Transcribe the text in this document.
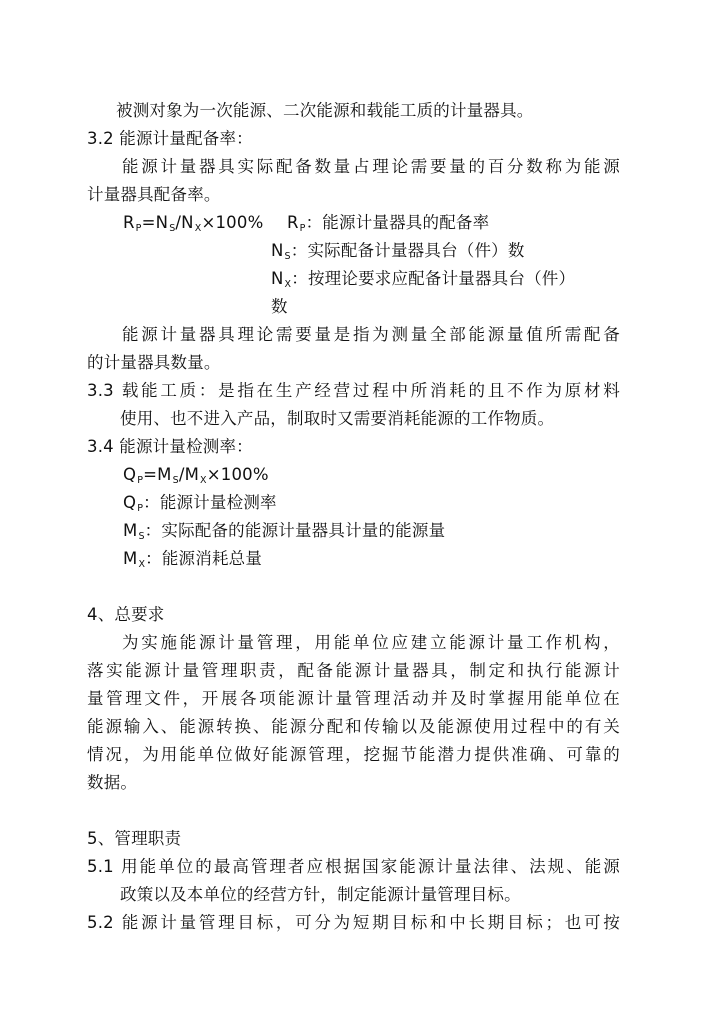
被测对象为一次能源、二次能源和载能工质的计量器具。
3.2 能源计量配备率：
能源计量器具实际配备数量占理论需要量的百分数称为能源
计量器具配备率。
RP=NS/NX×100% RP：能源计量器具的配备率
NS：实际配备计量器具台（件）数
NX：按理论要求应配备计量器具台（件）
数
能源计量器具理论需要量是指为测量全部能源量值所需配备
的计量器具数量。
3.3 载能工质：是指在生产经营过程中所消耗的且不作为原材料
使用、也不进入产品，制取时又需要消耗能源的工作物质。
3.4 能源计量检测率：
QP=MS/MX×100%
QP：能源计量检测率
MS：实际配备的能源计量器具计量的能源量
MX：能源消耗总量
4、总要求
为实施能源计量管理，用能单位应建立能源计量工作机构，
落实能源计量管理职责，配备能源计量器具，制定和执行能源计
量管理文件，开展各项能源计量管理活动并及时掌握用能单位在
能源输入、能源转换、能源分配和传输以及能源使用过程中的有关
情况，为用能单位做好能源管理，挖掘节能潜力提供准确、可靠的
数据。
5、管理职责
5.1 用能单位的最高管理者应根据国家能源计量法律、法规、能源
政策以及本单位的经营方针，制定能源计量管理目标。
5.2 能源计量管理目标，可分为短期目标和中长期目标；也可按
